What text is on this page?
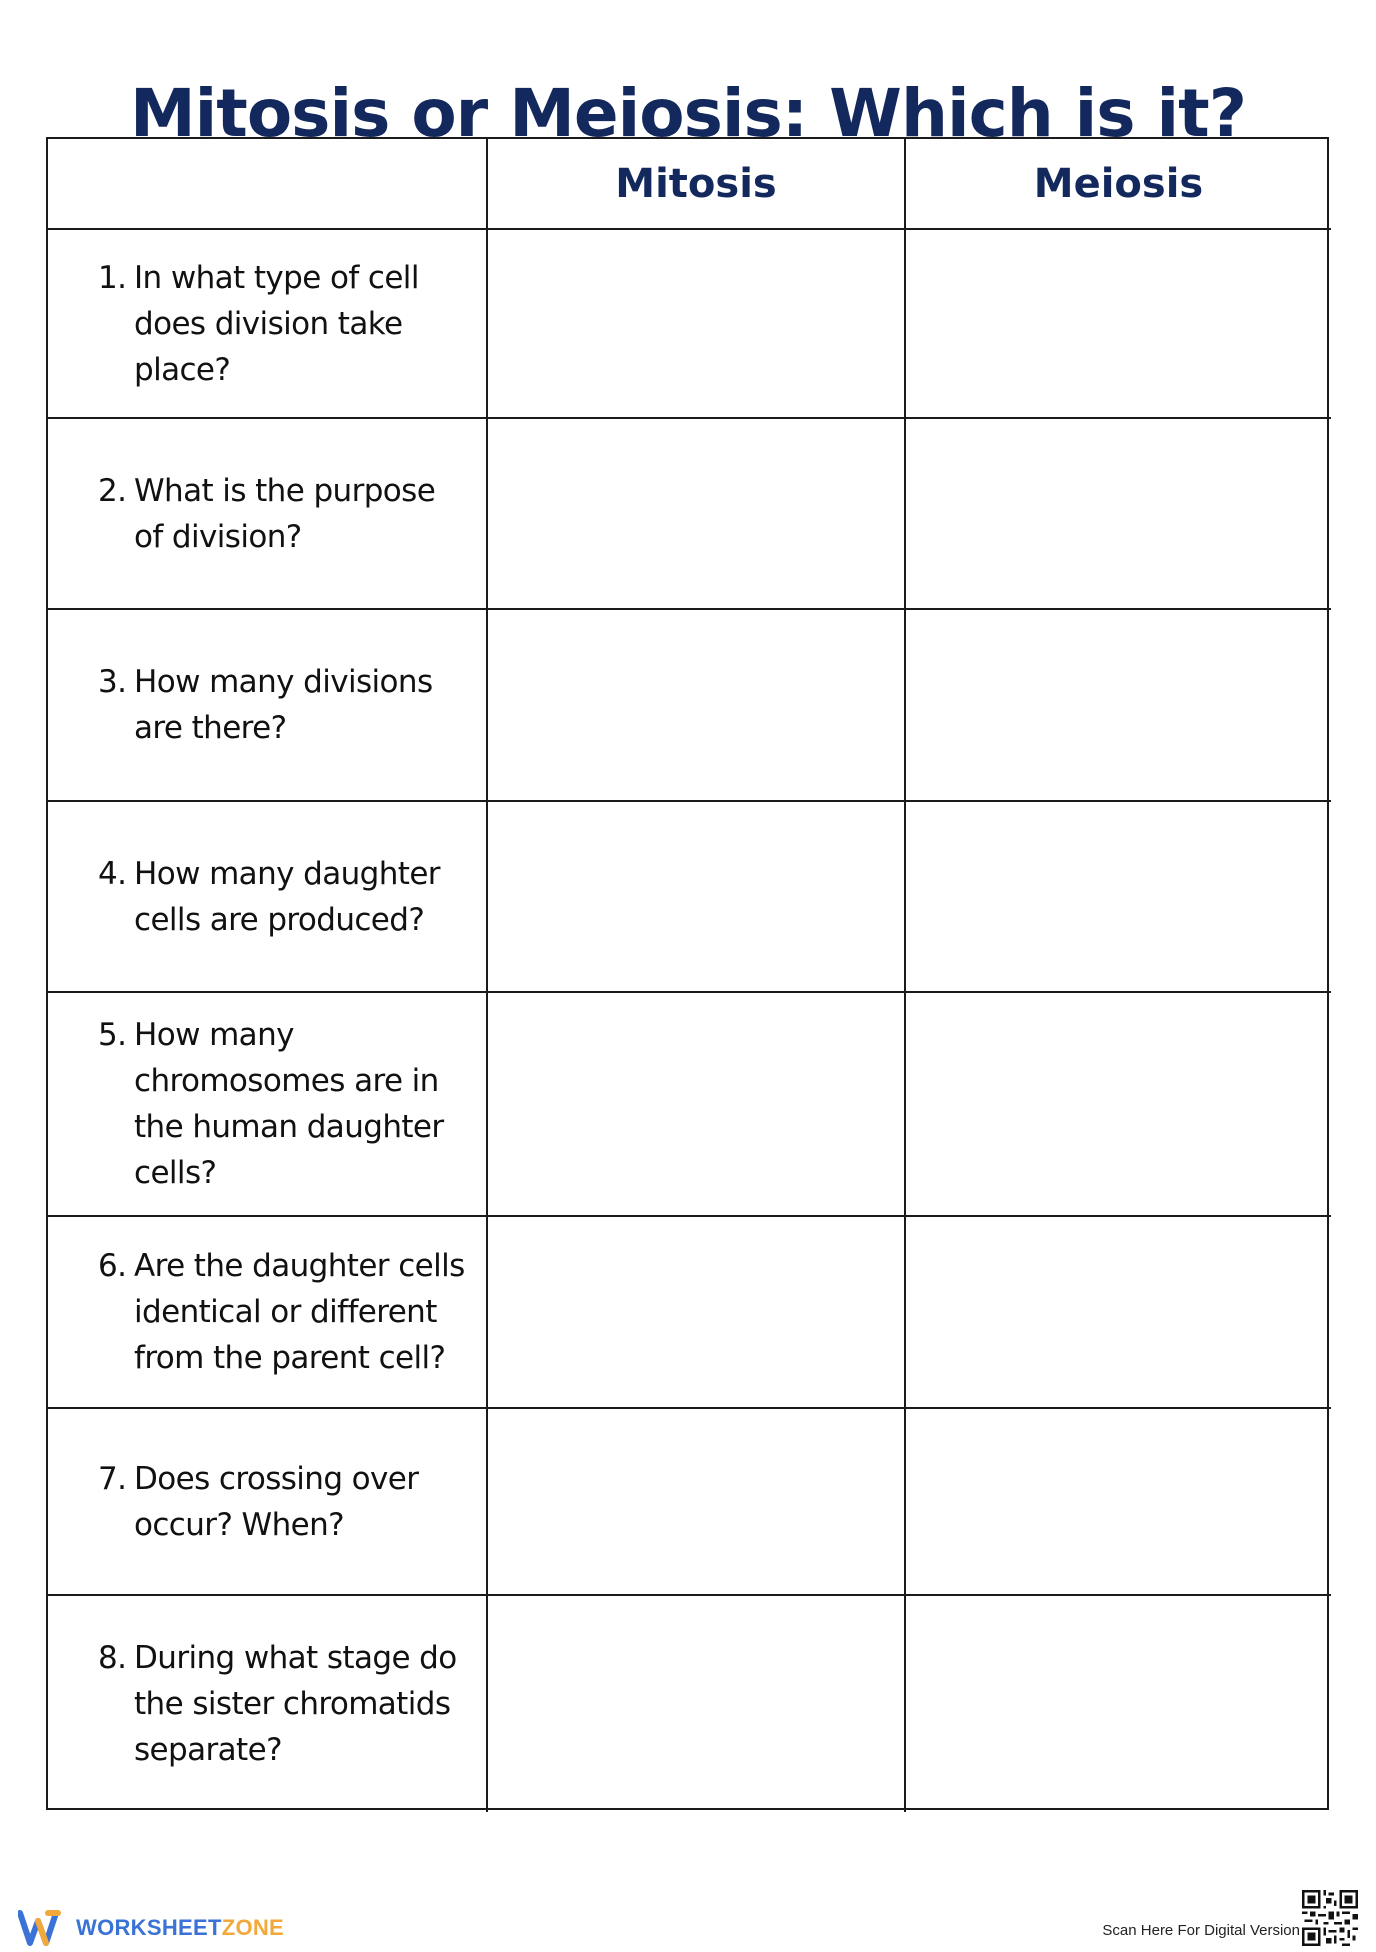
Mitosis or Meiosis: Which is it?
Mitosis	Meiosis
1. In what type of cell
does division take place?
2. What is the purpose
of division?
3. How many divisions
are there?
4. How many daughter
cells are produced?
5. How many
chromosomes are in
the human daughter
cells?
6. Are the daughter cells
identical or different
from the parent cell?
7. Does crossing over
occur? When?
8. During what stage do
the sister chromatids
separate?
WORKSHEETZONE	Scan Here For Digital Version
